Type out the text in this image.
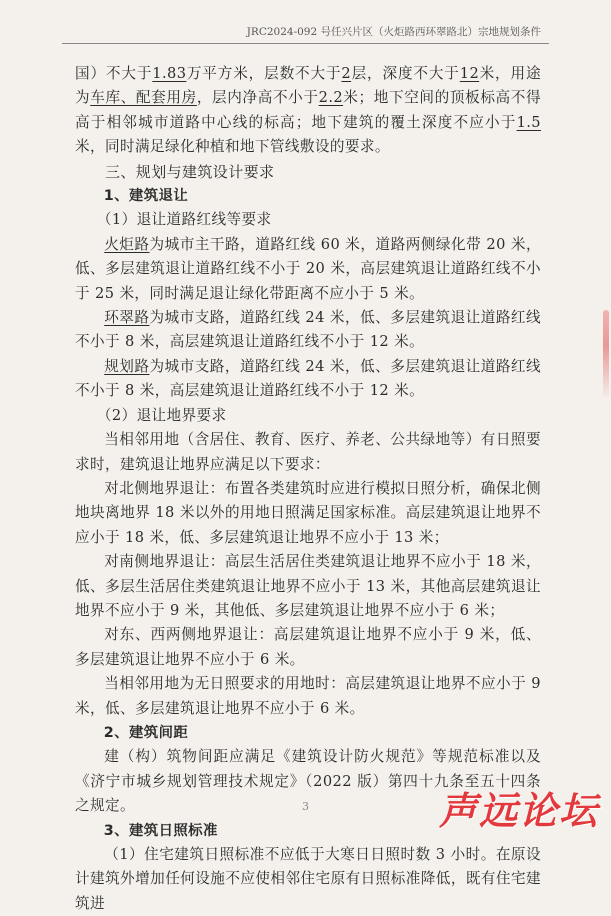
JRC2024-092 号任兴片区（火炬路西环翠路北）宗地规划条件

国）不大于1.83万平方米，层数不大于2层，深度不大于12米，用途为车库、配套用房，层内净高不小于2.2米；地下空间的顶板标高不得高于相邻城市道路中心线的标高；地下建筑的覆土深度不应小于1.5米，同时满足绿化种植和地下管线敷设的要求。

三、规划与建筑设计要求

1、建筑退让

（1）退让道路红线等要求

火炬路为城市主干路，道路红线 60 米，道路两侧绿化带 20 米，低、多层建筑退让道路红线不小于 20 米，高层建筑退让道路红线不小于 25 米，同时满足退让绿化带距离不应小于 5 米。

环翠路为城市支路，道路红线 24 米，低、多层建筑退让道路红线不小于 8 米，高层建筑退让道路红线不小于 12 米。

规划路为城市支路，道路红线 24 米，低、多层建筑退让道路红线不小于 8 米，高层建筑退让道路红线不小于 12 米。

（2）退让地界要求

当相邻用地（含居住、教育、医疗、养老、公共绿地等）有日照要求时，建筑退让地界应满足以下要求：

对北侧地界退让：布置各类建筑时应进行模拟日照分析，确保北侧地块离地界 18 米以外的用地日照满足国家标准。高层建筑退让地界不应小于 18 米，低、多层建筑退让地界不应小于 13 米；

对南侧地界退让：高层生活居住类建筑退让地界不应小于 18 米，低、多层生活居住类建筑退让地界不应小于 13 米，其他高层建筑退让地界不应小于 9 米，其他低、多层建筑退让地界不应小于 6 米；

对东、西两侧地界退让：高层建筑退让地界不应小于 9 米，低、多层建筑退让地界不应小于 6 米。

当相邻用地为无日照要求的用地时：高层建筑退让地界不应小于 9 米，低、多层建筑退让地界不应小于 6 米。

2、建筑间距

建（构）筑物间距应满足《建筑设计防火规范》等规范标准以及《济宁市城乡规划管理技术规定》（2022 版）第四十九条至五十四条之规定。

3、建筑日照标准

（1）住宅建筑日照标准不应低于大寒日日照时数 3 小时。在原设计建筑外增加任何设施不应使相邻住宅原有日照标准降低，既有住宅建筑进

3	声远论坛
